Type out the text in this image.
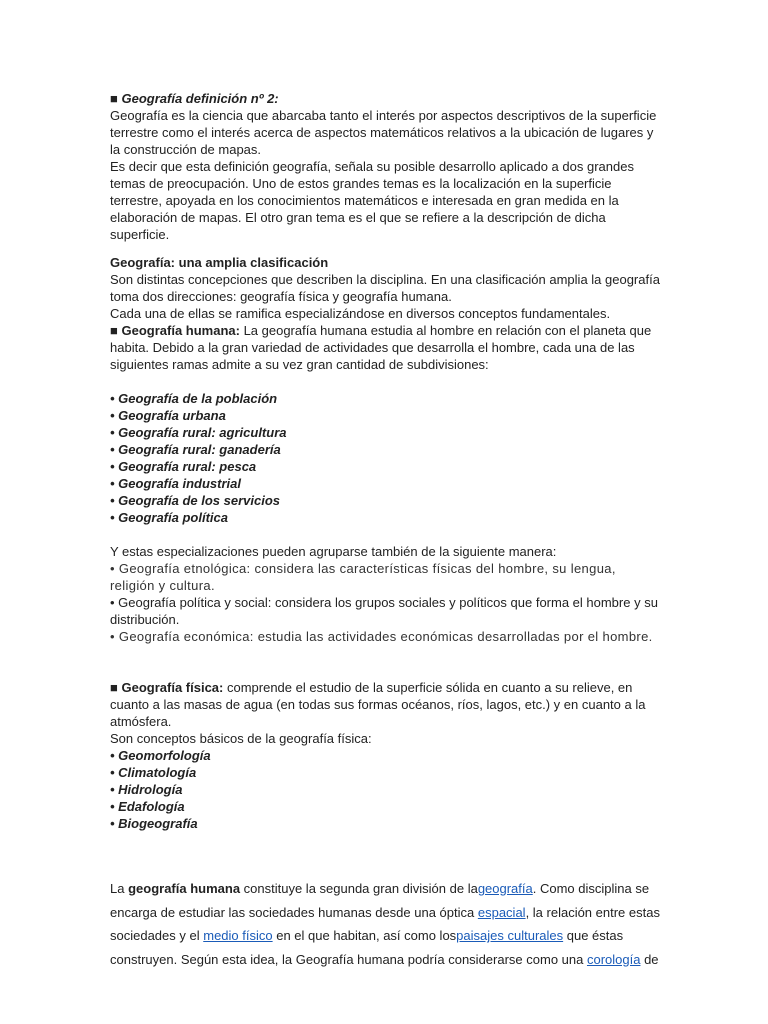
■ Geografía definición nº 2:

Geografía es la ciencia que abarcaba tanto el interés por aspectos descriptivos de la superficie terrestre como el interés acerca de aspectos matemáticos relativos a la ubicación de lugares y la construcción de mapas.

Es decir que esta definición geografía, señala su posible desarrollo aplicado a dos grandes temas de preocupación. Uno de estos grandes temas es la localización en la superficie terrestre, apoyada en los conocimientos matemáticos e interesada en gran medida en la elaboración de mapas. El otro gran tema es el que se refiere a la descripción de dicha superficie.

Geografía: una amplia clasificación

Son distintas concepciones que describen la disciplina. En una clasificación amplia la geografía toma dos direcciones: geografía física y geografía humana.

Cada una de ellas se ramifica especializándose en diversos conceptos fundamentales.

■ Geografía humana: La geografía humana estudia al hombre en relación con el planeta que habita. Debido a la gran variedad de actividades que desarrolla el hombre, cada una de las siguientes ramas admite a su vez gran cantidad de subdivisiones:

• Geografía de la población
• Geografía urbana
• Geografía rural: agricultura
• Geografía rural: ganadería
• Geografía rural: pesca
• Geografía industrial
• Geografía de los servicios
• Geografía política

Y estas especializaciones pueden agruparse también de la siguiente manera:

• Geografía etnológica: considera las características físicas del hombre, su lengua, religión y cultura.

• Geografía política y social: considera los grupos sociales y políticos que forma el hombre y su distribución.

• Geografía económica: estudia las actividades económicas desarrolladas por el hombre.

■ Geografía física: comprende el estudio de la superficie sólida en cuanto a su relieve, en cuanto a las masas de agua (en todas sus formas océanos, ríos, lagos, etc.) y en cuanto a la atmósfera.

Son conceptos básicos de la geografía física:

• Geomorfología
• Climatología
• Hidrología
• Edafología
• Biogeografía

La geografía humana constituye la segunda gran división de lageografía. Como disciplina se encarga de estudiar las sociedades humanas desde una óptica espacial, la relación entre estas sociedades y el medio físico en el que habitan, así como lospaisajes culturales que éstas construyen. Según esta idea, la Geografía humana podría considerarse como una corología de
